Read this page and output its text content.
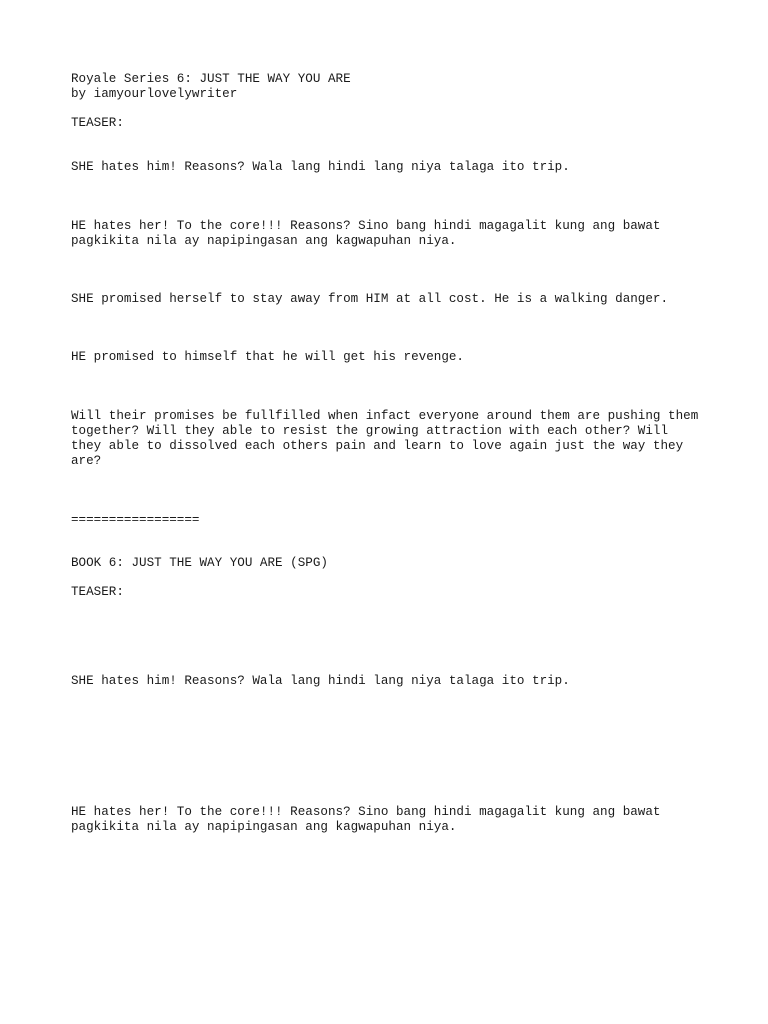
Royale Series 6: JUST THE WAY YOU ARE

by iamyourlovelywriter

TEASER:

SHE hates him! Reasons? Wala lang hindi lang niya talaga ito trip.

HE hates her! To the core!!! Reasons? Sino bang hindi magagalit kung ang bawat

pagkikita nila ay napipingasan ang kagwapuhan niya.

SHE promised herself to stay away from HIM at all cost. He is a walking danger.

HE promised to himself that he will get his revenge.

Will their promises be fullfilled when infact everyone around them are pushing them

together? Will they able to resist the growing attraction with each other? Will

they able to dissolved each others pain and learn to love again just the way they

are?

=================

BOOK 6: JUST THE WAY YOU ARE (SPG)

TEASER:

SHE hates him! Reasons? Wala lang hindi lang niya talaga ito trip.

HE hates her! To the core!!! Reasons? Sino bang hindi magagalit kung ang bawat

pagkikita nila ay napipingasan ang kagwapuhan niya.
